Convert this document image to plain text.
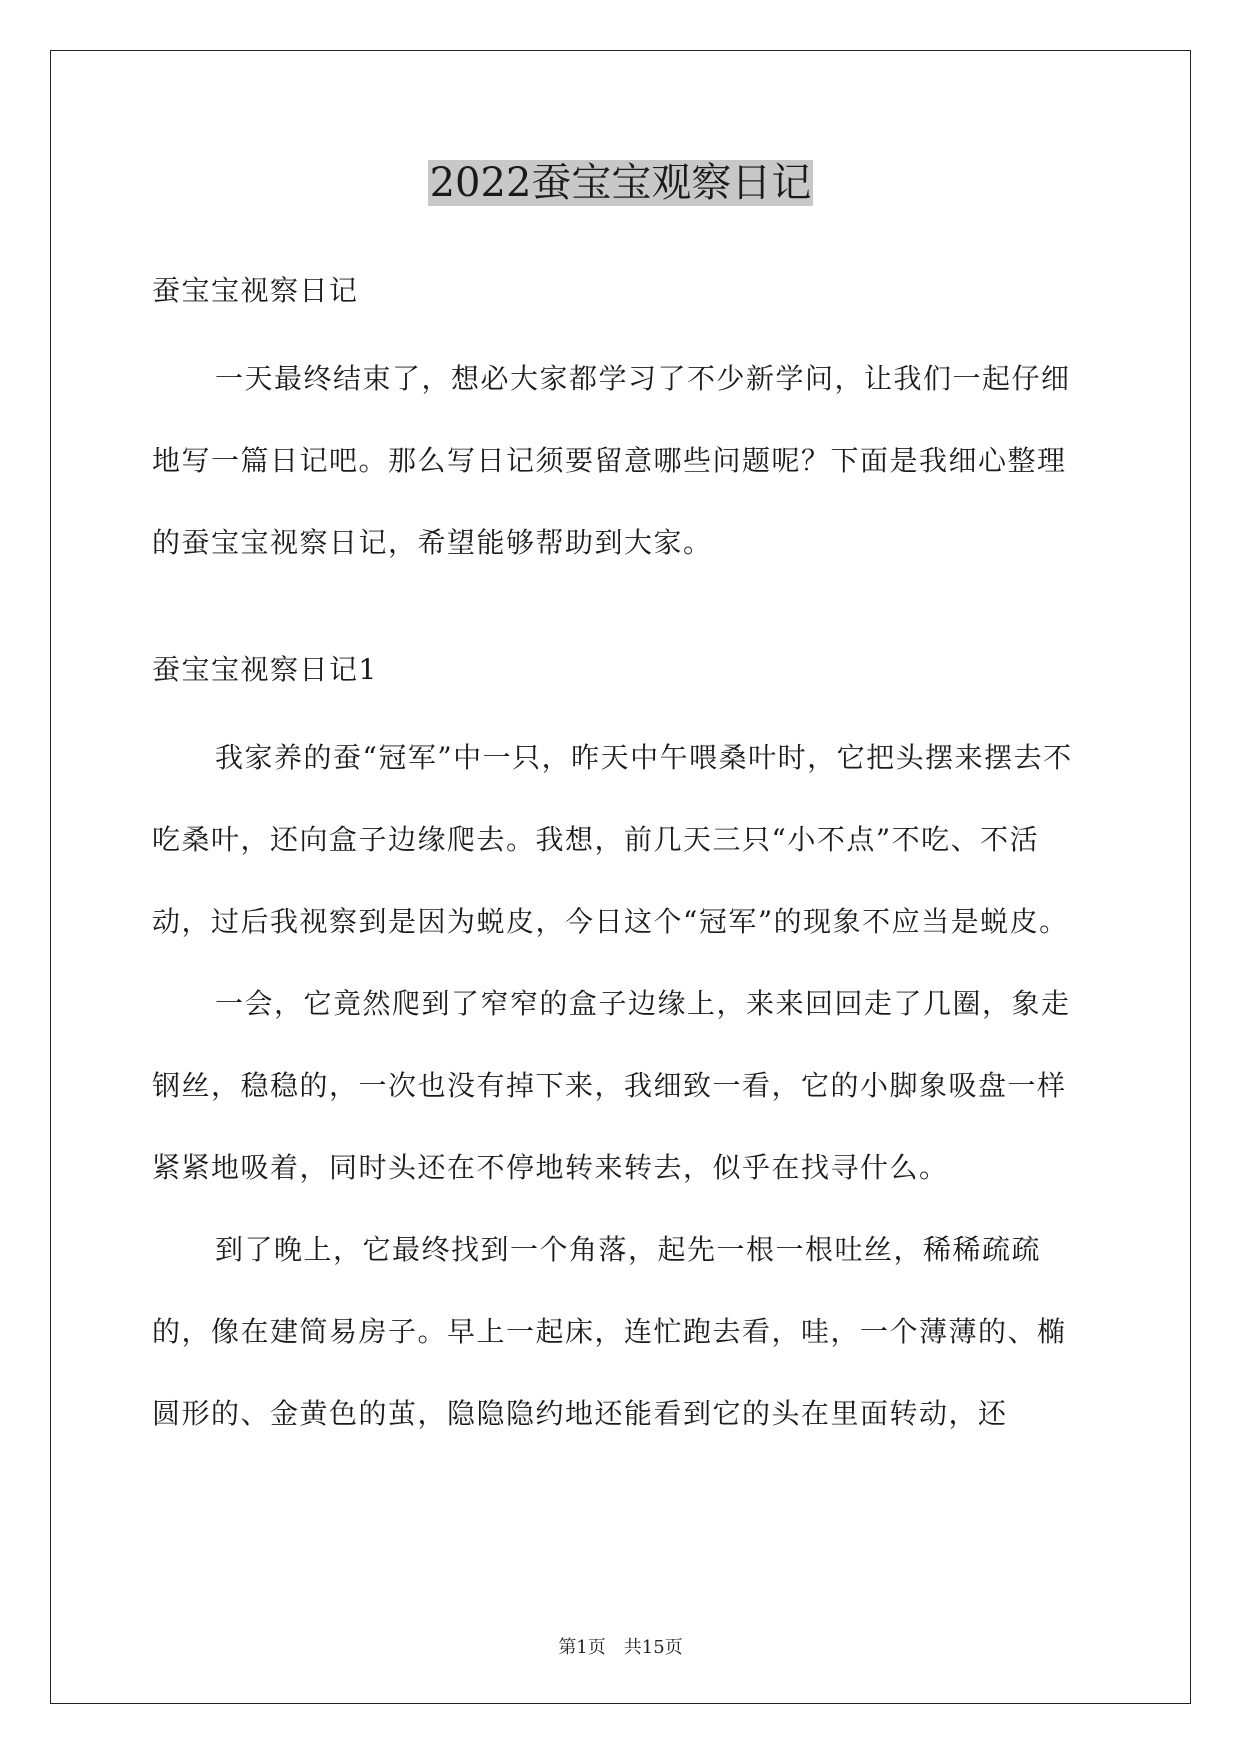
2022蚕宝宝观察日记

蚕宝宝视察日记

一天最终结束了，想必大家都学习了不少新学问，让我们一起仔细地写一篇日记吧。那么写日记须要留意哪些问题呢？下面是我细心整理的蚕宝宝视察日记，希望能够帮助到大家。

蚕宝宝视察日记1

我家养的蚕“冠军”中一只，昨天中午喂桑叶时，它把头摆来摆去不吃桑叶，还向盒子边缘爬去。我想，前几天三只“小不点”不吃、不活动，过后我视察到是因为蜕皮，今日这个“冠军”的现象不应当是蜕皮。

一会，它竟然爬到了窄窄的盒子边缘上，来来回回走了几圈，象走钢丝，稳稳的，一次也没有掉下来，我细致一看，它的小脚象吸盘一样紧紧地吸着，同时头还在不停地转来转去，似乎在找寻什么。

到了晚上，它最终找到一个角落，起先一根一根吐丝，稀稀疏疏的，像在建简易房子。早上一起床，连忙跑去看，哇，一个薄薄的、椭圆形的、金黄色的茧，隐隐隐约地还能看到它的头在里面转动，还

第1页 共15页
